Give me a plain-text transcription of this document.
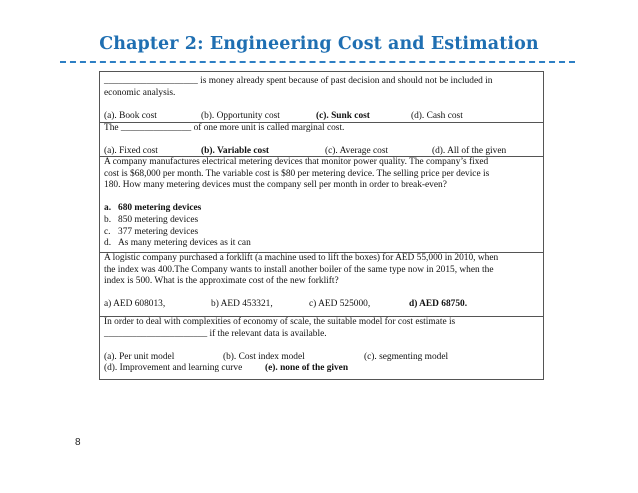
Chapter 2: Engineering Cost and Estimation
____________________ is money already spent because of past decision and should not be included in
economic analysis.
(a). Book cost	(b). Opportunity cost	(c). Sunk cost	(d). Cash cost
The _______________ of one more unit is called marginal cost.
(a). Fixed cost	(b). Variable cost	(c). Average cost	(d). All of the given
A company manufactures electrical metering devices that monitor power quality. The company’s fixed
cost is $68,000 per month. The variable cost is $80 per metering device. The selling price per device is
180. How many metering devices must the company sell per month in order to break-even?
a. 680 metering devices
b. 850 metering devices
c. 377 metering devices
d. As many metering devices as it can
A logistic company purchased a forklift (a machine used to lift the boxes) for AED 55,000 in 2010, when
the index was 400.The Company wants to install another boiler of the same type now in 2015, when the
index is 500. What is the approximate cost of the new forklift?
a) AED 608013,	b) AED 453321,	c) AED 525000,	d) AED 68750.
In order to deal with complexities of economy of scale, the suitable model for cost estimate is
______________________ if the relevant data is available.
(a). Per unit model	(b). Cost index model	(c). segmenting model
(d). Improvement and learning curve (e). none of the given
8
